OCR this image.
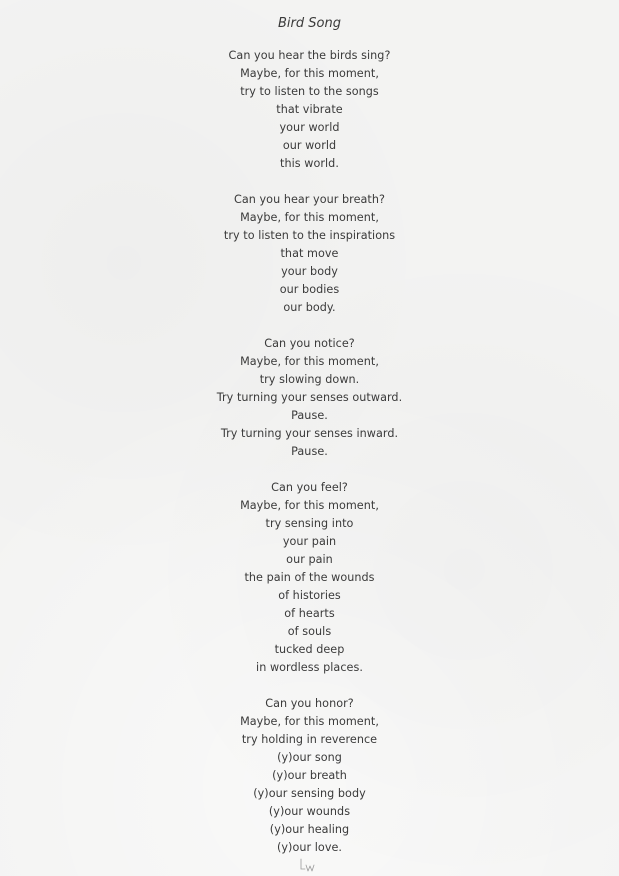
Bird Song
Can you hear the birds sing?
Maybe, for this moment,
try to listen to the songs
that vibrate
your world
our world
this world.
Can you hear your breath?
Maybe, for this moment,
try to listen to the inspirations
that move
your body
our bodies
our body.
Can you notice?
Maybe, for this moment,
try slowing down.
Try turning your senses outward.
Pause.
Try turning your senses inward.
Pause.
Can you feel?
Maybe, for this moment,
try sensing into
your pain
our pain
the pain of the wounds
of histories
of hearts
of souls
tucked deep
in wordless places.
Can you honor?
Maybe, for this moment,
try holding in reverence
(y)our song
(y)our breath
(y)our sensing body
(y)our wounds
(y)our healing
(y)our love.
